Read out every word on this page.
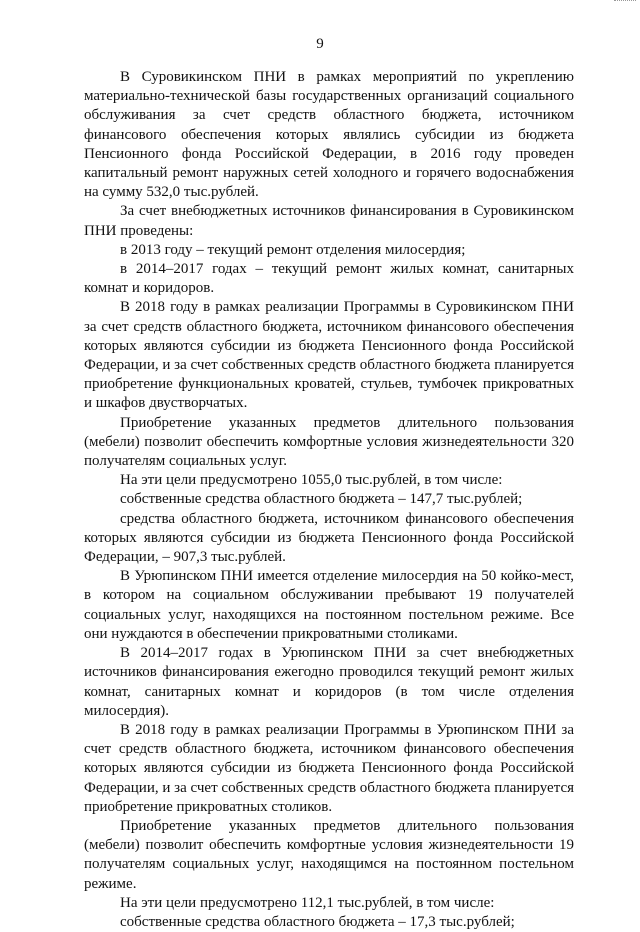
9

В Суровикинском ПНИ в рамках мероприятий по укреплению материально-технической базы государственных организаций социального обслуживания за счет средств областного бюджета, источником финансового обеспечения которых являлись субсидии из бюджета Пенсионного фонда Российской Федерации, в 2016 году проведен капитальный ремонт наружных сетей холодного и горячего водоснабжения на сумму 532,0 тыс.рублей.

За счет внебюджетных источников финансирования в Суровикинском ПНИ проведены:

в 2013 году – текущий ремонт отделения милосердия;

в 2014–2017 годах – текущий ремонт жилых комнат, санитарных комнат и коридоров.

В 2018 году в рамках реализации Программы в Суровикинском ПНИ за счет средств областного бюджета, источником финансового обеспечения которых являются субсидии из бюджета Пенсионного фонда Российской Федерации, и за счет собственных средств областного бюджета планируется приобретение функциональных кроватей, стульев, тумбочек прикроватных и шкафов двустворчатых.

Приобретение указанных предметов длительного пользования (мебели) позволит обеспечить комфортные условия жизнедеятельности 320 получателям социальных услуг.

На эти цели предусмотрено 1055,0 тыс.рублей, в том числе:

собственные средства областного бюджета – 147,7 тыс.рублей;

средства областного бюджета, источником финансового обеспечения которых являются субсидии из бюджета Пенсионного фонда Российской Федерации, – 907,3 тыс.рублей.

В Урюпинском ПНИ имеется отделение милосердия на 50 койко-мест, в котором на социальном обслуживании пребывают 19 получателей социальных услуг, находящихся на постоянном постельном режиме. Все они нуждаются в обеспечении прикроватными столиками.

В 2014–2017 годах в Урюпинском ПНИ за счет внебюджетных источников финансирования ежегодно проводился текущий ремонт жилых комнат, санитарных комнат и коридоров (в том числе отделения милосердия).

В 2018 году в рамках реализации Программы в Урюпинском ПНИ за счет средств областного бюджета, источником финансового обеспечения которых являются субсидии из бюджета Пенсионного фонда Российской Федерации, и за счет собственных средств областного бюджета планируется приобретение прикроватных столиков.

Приобретение указанных предметов длительного пользования (мебели) позволит обеспечить комфортные условия жизнедеятельности 19 получателям социальных услуг, находящимся на постоянном постельном режиме.

На эти цели предусмотрено 112,1 тыс.рублей, в том числе:

собственные средства областного бюджета – 17,3 тыс.рублей;
